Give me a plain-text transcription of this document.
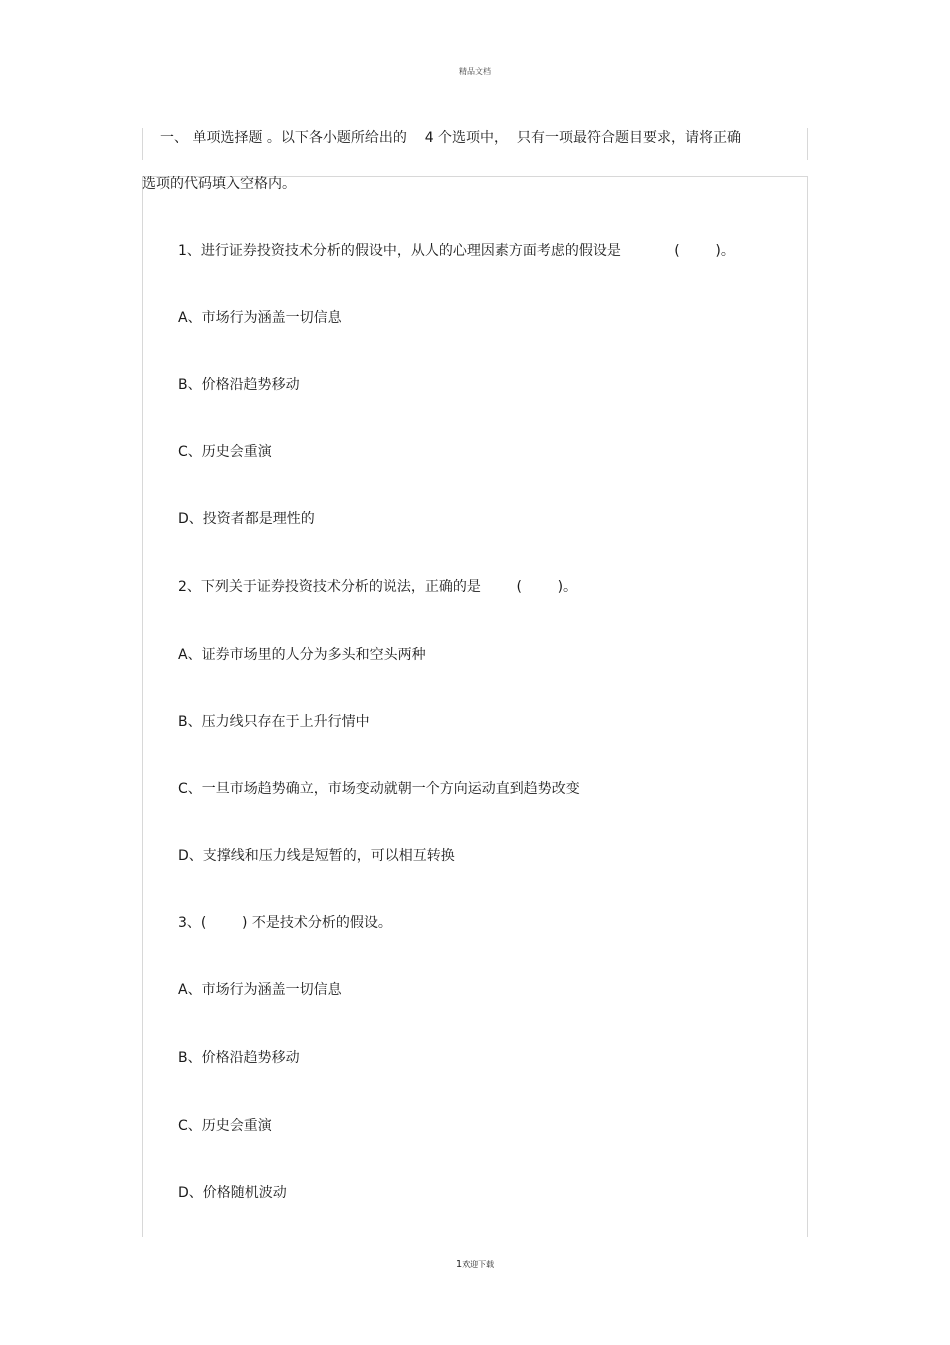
精品文档
一、 单项选择题 。以下各小题所给出的    4 个选项中，  只有一项最符合题目要求，请将正确
选项的代码填入空格内。
1、进行证券投资技术分析的假设中，从人的心理因素方面考虑的假设是            (        )。
A、市场行为涵盖一切信息
B、价格沿趋势移动
C、历史会重演
D、投资者都是理性的
2、下列关于证券投资技术分析的说法，正确的是        (        )。
A、证券市场里的人分为多头和空头两种
B、压力线只存在于上升行情中
C、一旦市场趋势确立，市场变动就朝一个方向运动直到趋势改变
D、支撑线和压力线是短暂的，可以相互转换
3、(        ) 不是技术分析的假设。
A、市场行为涵盖一切信息
B、价格沿趋势移动
C、历史会重演
D、价格随机波动
1欢迎下载
